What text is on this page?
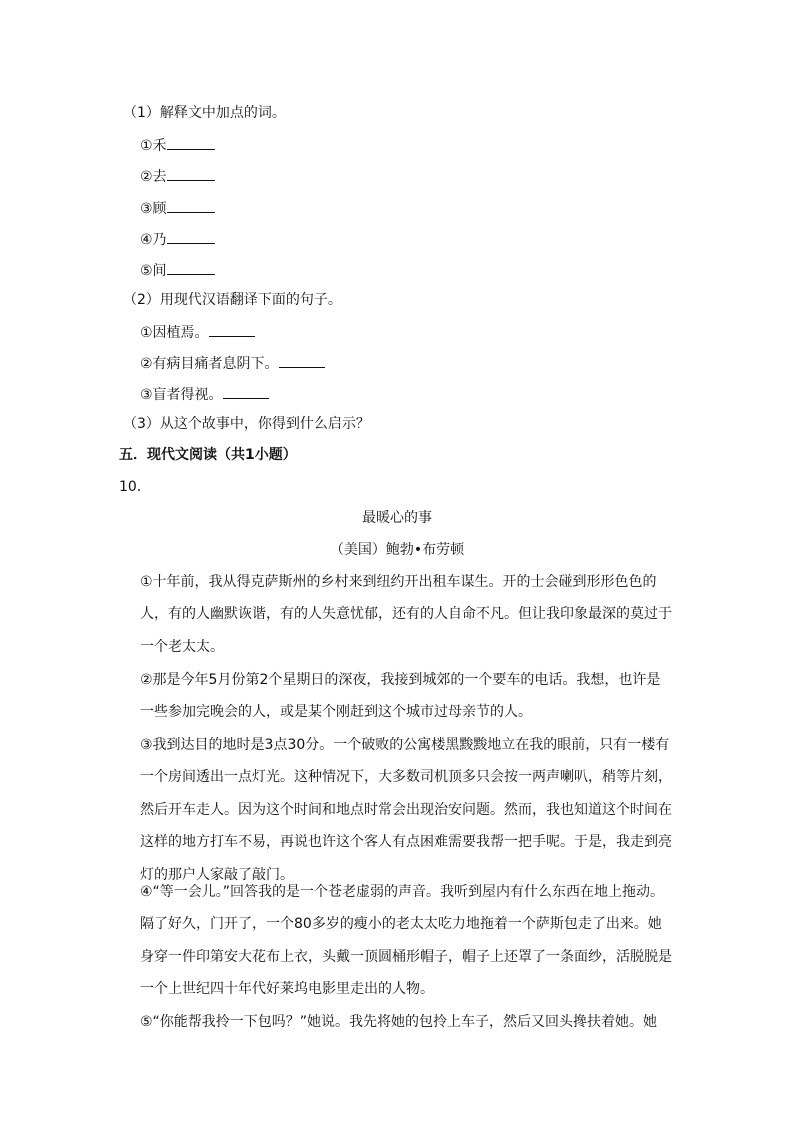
（1）解释文中加点的词。
①禾
②去
③顾
④乃
⑤间
（2）用现代汉语翻译下面的句子。
①因植焉。
②有病目痛者息阴下。
③盲者得视。
（3）从这个故事中，你得到什么启示？
五．现代文阅读（共1小题）
10．
最暖心的事
（美国）鲍勃•布劳顿
①十年前，我从得克萨斯州的乡村来到纽约开出租车谋生。开的士会碰到形形色色的人，有的人幽默诙谐，有的人失意忧郁，还有的人自命不凡。但让我印象最深的莫过于一个老太太。
②那是今年5月份第2个星期日的深夜，我接到城郊的一个要车的电话。我想，也许是一些参加完晚会的人，或是某个刚赶到这个城市过母亲节的人。
③我到达目的地时是3点30分。一个破败的公寓楼黑黢黢地立在我的眼前，只有一楼有一个房间透出一点灯光。这种情况下，大多数司机顶多只会按一两声喇叭，稍等片刻，然后开车走人。因为这个时间和地点时常会出现治安问题。然而，我也知道这个时间在这样的地方打车不易，再说也许这个客人有点困难需要我帮一把手呢。于是，我走到亮灯的那户人家敲了敲门。
④“等一会儿。”回答我的是一个苍老虚弱的声音。我听到屋内有什么东西在地上拖动。隔了好久，门开了，一个80多岁的瘦小的老太太吃力地拖着一个萨斯包走了出来。她身穿一件印第安大花布上衣，头戴一顶圆桶形帽子，帽子上还罩了一条面纱，活脱脱是一个上世纪四十年代好莱坞电影里走出的人物。
⑤“你能帮我拎一下包吗？”她说。我先将她的包拎上车子，然后又回头搀扶着她。她
